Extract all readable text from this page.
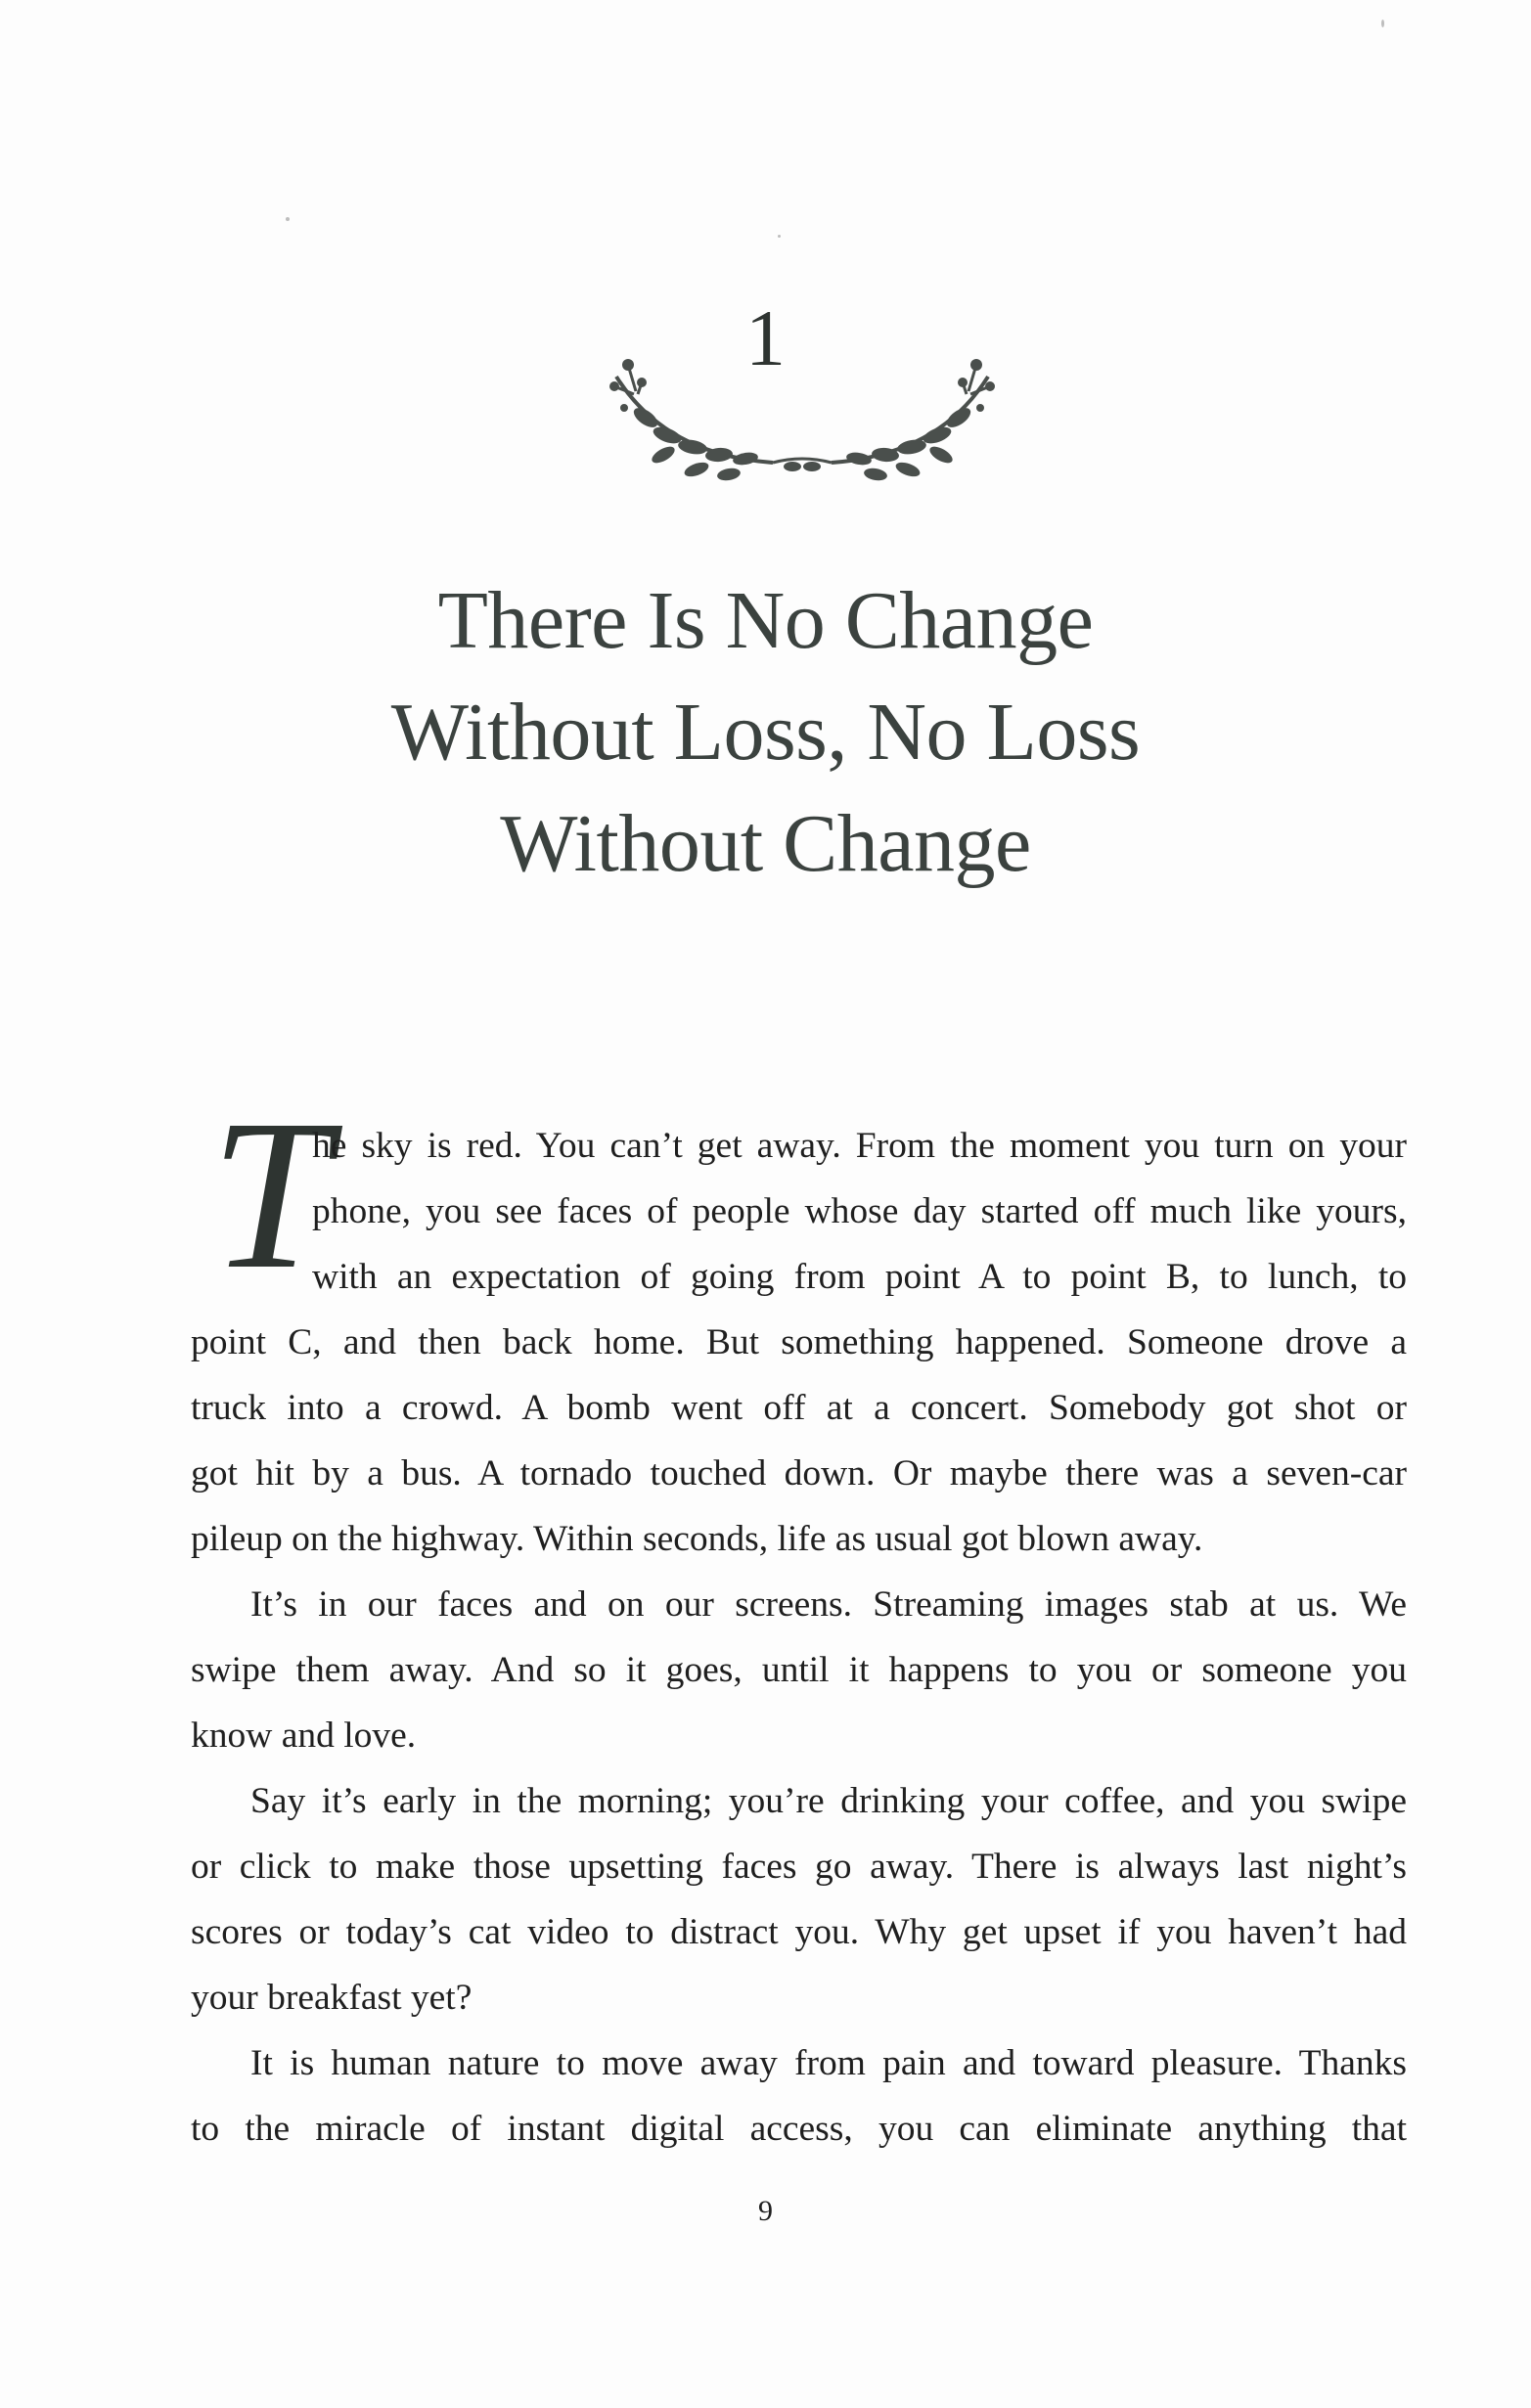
1
There Is No Change
Without Loss, No Loss
Without Change
T
he sky is red. You can’t get away. From the moment you turn on your
phone, you see faces of people whose day started off much like yours,
with an expectation of going from point A to point B, to lunch, to
point C, and then back home. But something happened. Someone drove a
truck into a crowd. A bomb went off at a concert. Somebody got shot or
got hit by a bus. A tornado touched down. Or maybe there was a seven-car
pileup on the highway. Within seconds, life as usual got blown away.
It’s in our faces and on our screens. Streaming images stab at us. We
swipe them away. And so it goes, until it happens to you or someone you
know and love.
Say it’s early in the morning; you’re drinking your coffee, and you swipe
or click to make those upsetting faces go away. There is always last night’s
scores or today’s cat video to distract you. Why get upset if you haven’t had
your breakfast yet?
It is human nature to move away from pain and toward pleasure. Thanks
to the miracle of instant digital access, you can eliminate anything that
9
